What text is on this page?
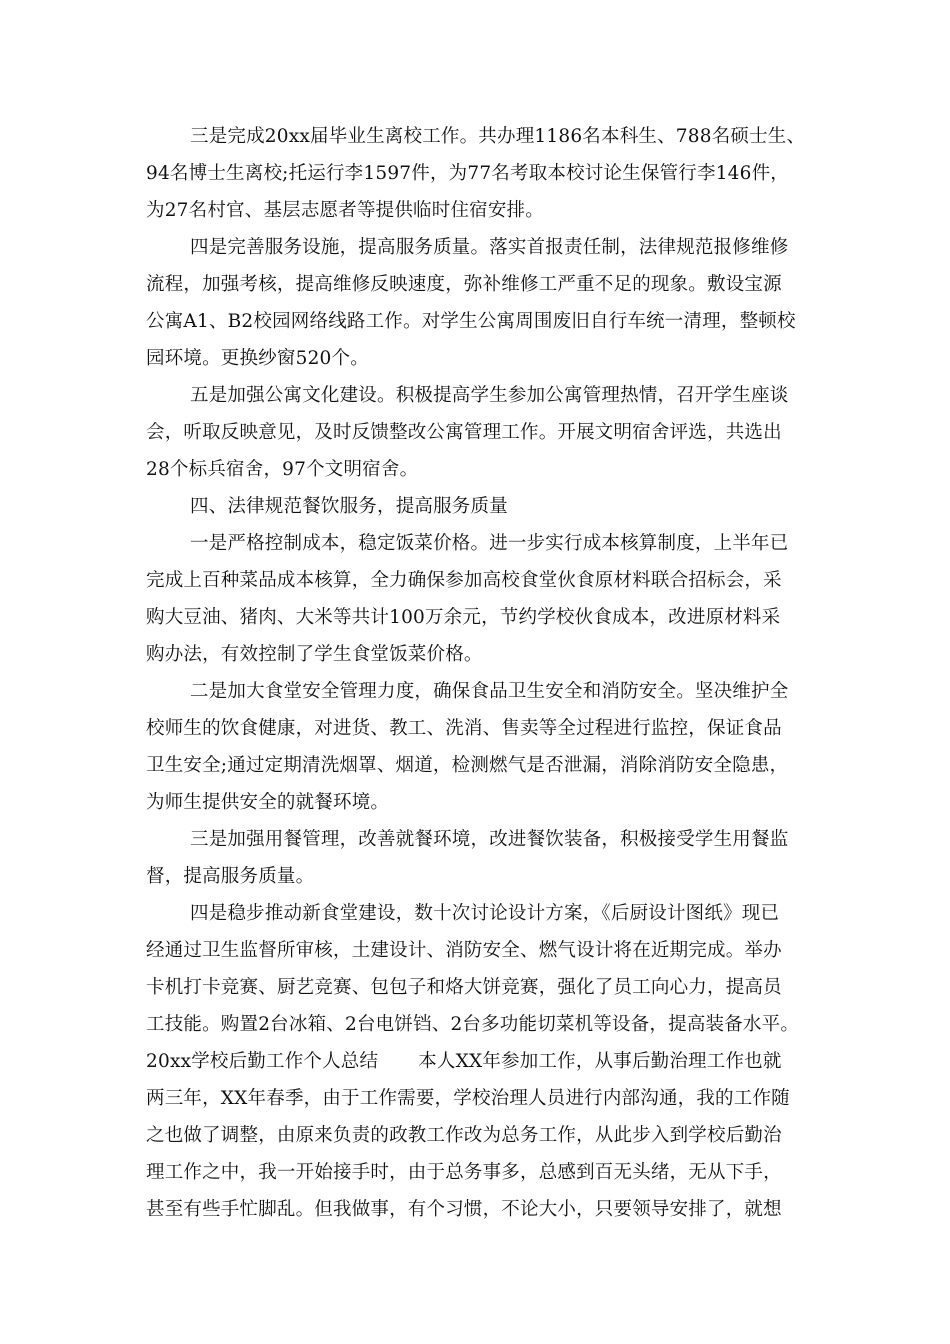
三是完成20xx届毕业生离校工作。共办理1186名本科生、788名硕士生、
94名博士生离校;托运行李1597件，为77名考取本校讨论生保管行李146件，
为27名村官、基层志愿者等提供临时住宿安排。
四是完善服务设施，提高服务质量。落实首报责任制，法律规范报修维修
流程，加强考核，提高维修反映速度，弥补维修工严重不足的现象。敷设宝源
公寓A1、B2校园网络线路工作。对学生公寓周围废旧自行车统一清理，整顿校
园环境。更换纱窗520个。
五是加强公寓文化建设。积极提高学生参加公寓管理热情，召开学生座谈
会，听取反映意见，及时反馈整改公寓管理工作。开展文明宿舍评选，共选出
28个标兵宿舍，97个文明宿舍。
四、法律规范餐饮服务，提高服务质量
一是严格控制成本，稳定饭菜价格。进一步实行成本核算制度，上半年已
完成上百种菜品成本核算，全力确保参加高校食堂伙食原材料联合招标会，采
购大豆油、猪肉、大米等共计100万余元，节约学校伙食成本，改进原材料采
购办法，有效控制了学生食堂饭菜价格。
二是加大食堂安全管理力度，确保食品卫生安全和消防安全。坚决维护全
校师生的饮食健康，对进货、教工、洗消、售卖等全过程进行监控，保证食品
卫生安全;通过定期清洗烟罩、烟道，检测燃气是否泄漏，消除消防安全隐患，
为师生提供安全的就餐环境。
三是加强用餐管理，改善就餐环境，改进餐饮装备，积极接受学生用餐监
督，提高服务质量。
四是稳步推动新食堂建设，数十次讨论设计方案，《后厨设计图纸》现已
经通过卫生监督所审核，土建设计、消防安全、燃气设计将在近期完成。举办
卡机打卡竞赛、厨艺竞赛、包包子和烙大饼竞赛，强化了员工向心力，提高员
工技能。购置2台冰箱、2台电饼铛、2台多功能切菜机等设备，提高装备水平。
20xx学校后勤工作个人总结 本人XX年参加工作，从事后勤治理工作也就
两三年，XX年春季，由于工作需要，学校治理人员进行内部沟通，我的工作随
之也做了调整，由原来负责的政教工作改为总务工作，从此步入到学校后勤治
理工作之中，我一开始接手时，由于总务事多，总感到百无头绪，无从下手，
甚至有些手忙脚乱。但我做事，有个习惯，不论大小，只要领导安排了，就想
